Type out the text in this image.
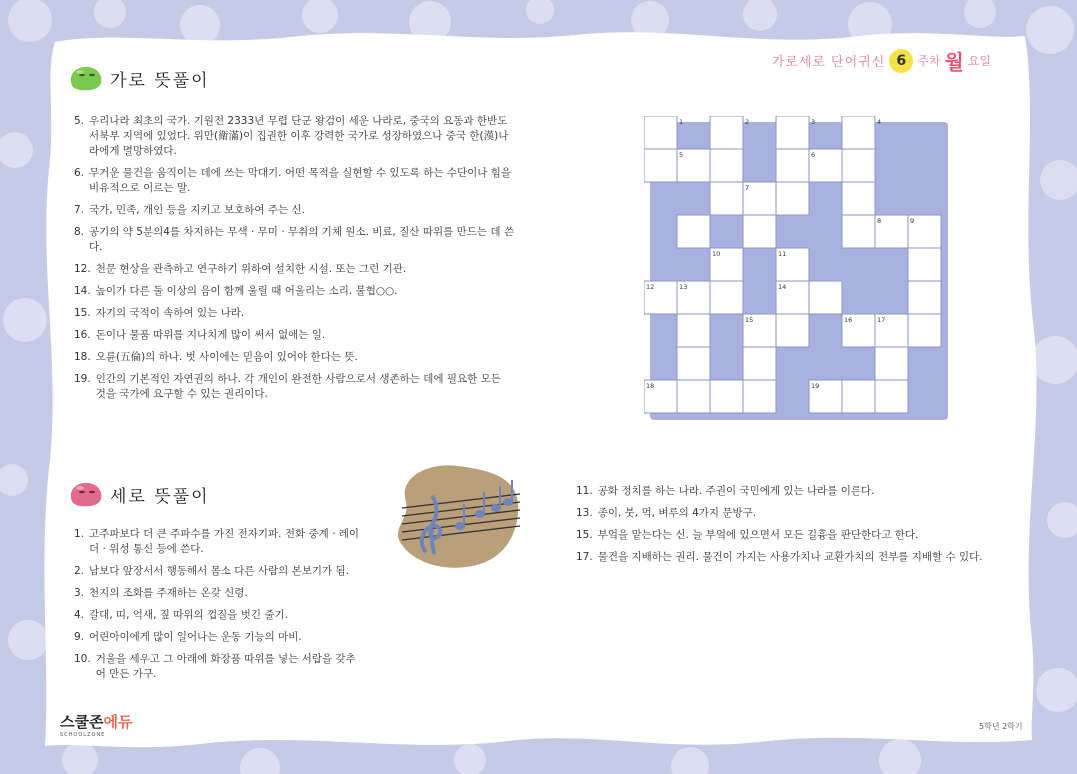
가로세로 단어귀신 6 주차 월 요일
가로 뜻풀이
5. 우리나라 최초의 국가. 기원전 2333년 무렵 단군 왕검이 세운 나라로, 중국의 요동과 한반도 서북부 지역에 있었다. 위만(衛滿)이 집권한 이후 강력한 국가로 성장하였으나 중국 한(漢)나라에게 멸망하였다.
6. 무거운 물건을 움직이는 데에 쓰는 막대기. 어떤 목적을 실현할 수 있도록 하는 수단이나 힘을 비유적으로 이르는 말.
7. 국가, 민족, 개인 등을 지키고 보호하여 주는 신.
8. 공기의 약 5분의4를 차지하는 무색 · 무미 · 무취의 기체 원소. 비료, 질산 따위를 만드는 데 쓴다.
12. 천문 현상을 관측하고 연구하기 위하여 설치한 시설. 또는 그런 기관.
14. 높이가 다른 둘 이상의 음이 함께 울릴 때 어울리는 소리. 불협○○.
15. 자기의 국적이 속하여 있는 나라.
16. 돈이나 물품 따위를 지나치게 많이 써서 없애는 일.
18. 오륜(五倫)의 하나. 벗 사이에는 믿음이 있어야 한다는 뜻.
19. 인간의 기본적인 자연권의 하나. 각 개인이 완전한 사람으로서 생존하는 데에 필요한 모든 것을 국가에 요구할 수 있는 권리이다.
1	2	3	4
5	6
7
8	9
10	11
12	13	14
15	16	17
18	19
세로 뜻풀이
1. 고주파보다 더 큰 주파수를 가진 전자기파. 전화 중계 · 레이더 · 위성 통신 등에 쓴다.
2. 남보다 앞장서서 행동해서 몸소 다른 사람의 본보기가 됨.
3. 천지의 조화를 주재하는 온갖 신령.
4. 갈대, 띠, 억새, 짚 따위의 껍질을 벗긴 줄기.
9. 어린아이에게 많이 일어나는 운동 기능의 마비.
10. 거울을 세우고 그 아래에 화장품 따위를 넣는 서랍을 갖추어 만든 가구.
11. 공화 정치를 하는 나라. 주권이 국민에게 있는 나라를 이른다.
13. 종이, 붓, 먹, 벼루의 4가지 문방구.
15. 부엌을 맡는다는 신. 늘 부엌에 있으면서 모든 길흉을 판단한다고 한다.
17. 물건을 지배하는 권리. 물건이 가지는 사용가치나 교환가치의 전부를 지배할 수 있다.
스쿨존에듀
SCHOOLZONE
5학년 2학기
